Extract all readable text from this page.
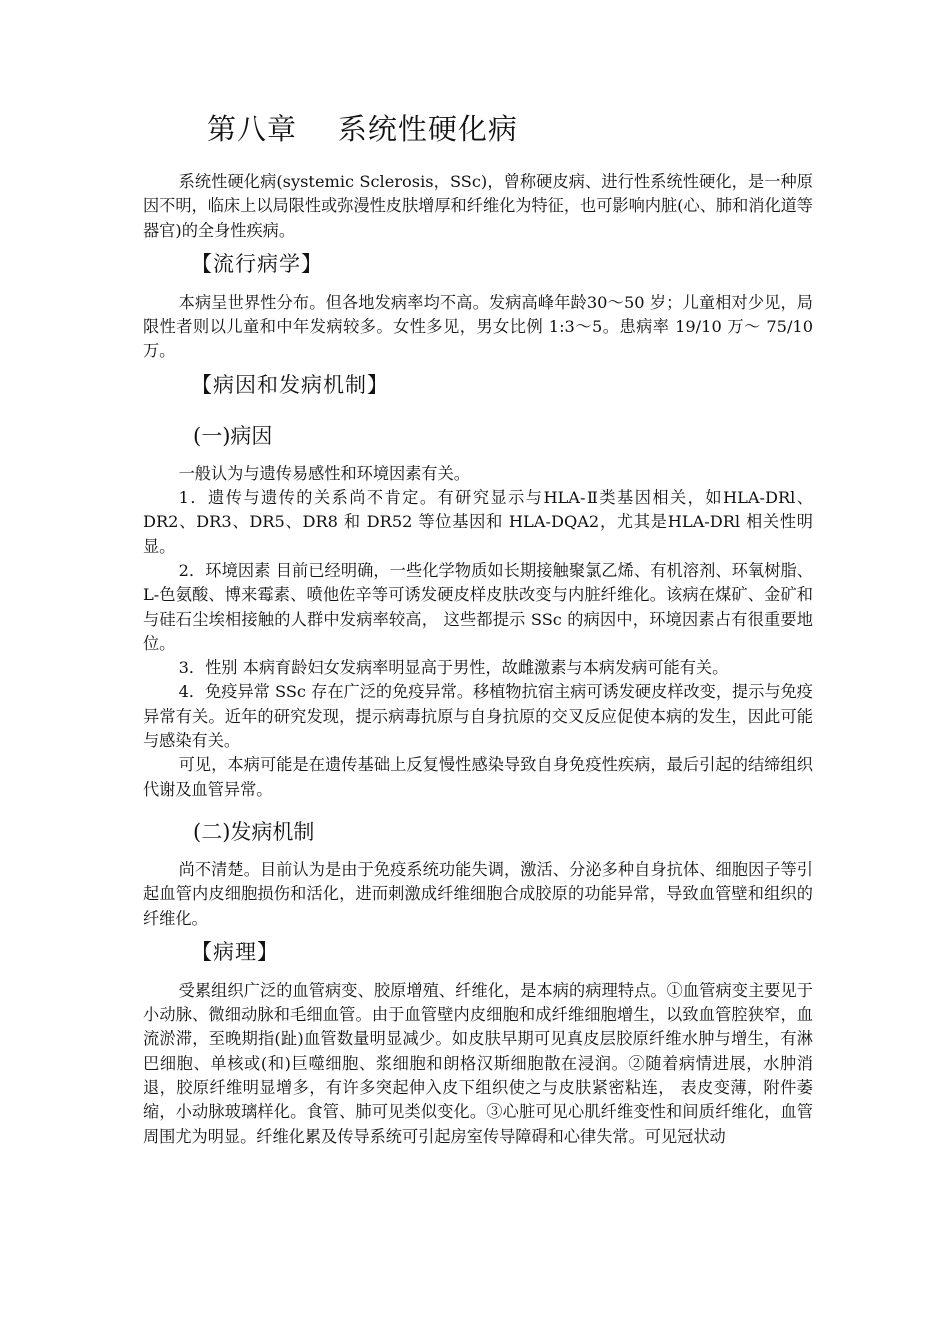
第八章    系统性硬化病

系统性硬化病(systemic Sclerosis，SSc)，曾称硬皮病、进行性系统性硬化，是一种原因不明，临床上以局限性或弥漫性皮肤增厚和纤维化为特征，也可影响内脏(心、肺和消化道等器官)的全身性疾病。

【流行病学】

本病呈世界性分布。但各地发病率均不高。发病高峰年龄30～50 岁；儿童相对少见，局限性者则以儿童和中年发病较多。女性多见，男女比例 1:3～5。患病率 19/10 万～ 75/10 万。

【病因和发病机制】
(一)病因

一般认为与遗传易感性和环境因素有关。

1．遗传与遗传的关系尚不肯定。有研究显示与HLA-Ⅱ类基因相关，如HLA-DRl、DR2、DR3、DR5、DR8 和 DR52 等位基因和 HLA-DQA2，尤其是HLA-DRl 相关性明显。

2．环境因素 目前已经明确，一些化学物质如长期接触聚氯乙烯、有机溶剂、环氧树脂、L-色氨酸、博来霉素、喷他佐辛等可诱发硬皮样皮肤改变与内脏纤维化。该病在煤矿、金矿和与硅石尘埃相接触的人群中发病率较高， 这些都提示 SSc 的病因中，环境因素占有很重要地位。

3．性别 本病育龄妇女发病率明显高于男性，故雌激素与本病发病可能有关。

4．免疫异常 SSc 存在广泛的免疫异常。移植物抗宿主病可诱发硬皮样改变，提示与免疫异常有关。近年的研究发现，提示病毒抗原与自身抗原的交叉反应促使本病的发生，因此可能与感染有关。

可见，本病可能是在遗传基础上反复慢性感染导致自身免疫性疾病，最后引起的结缔组织代谢及血管异常。

(二)发病机制

尚不清楚。目前认为是由于免疫系统功能失调，激活、分泌多种自身抗体、细胞因子等引起血管内皮细胞损伤和活化，进而刺激成纤维细胞合成胶原的功能异常，导致血管壁和组织的纤维化。

【病理】

受累组织广泛的血管病变、胶原增殖、纤维化，是本病的病理特点。①血管病变主要见于小动脉、微细动脉和毛细血管。由于血管壁内皮细胞和成纤维细胞增生，以致血管腔狭窄，血流淤滞，至晚期指(趾)血管数量明显减少。如皮肤早期可见真皮层胶原纤维水肿与增生，有淋巴细胞、单核或(和)巨噬细胞、浆细胞和朗格汉斯细胞散在浸润。②随着病情进展，水肿消退，胶原纤维明显增多，有许多突起伸入皮下组织使之与皮肤紧密粘连， 表皮变薄，附件萎缩，小动脉玻璃样化。食管、肺可见类似变化。③心脏可见心肌纤维变性和间质纤维化，血管周围尤为明显。纤维化累及传导系统可引起房室传导障碍和心律失常。可见冠状动
